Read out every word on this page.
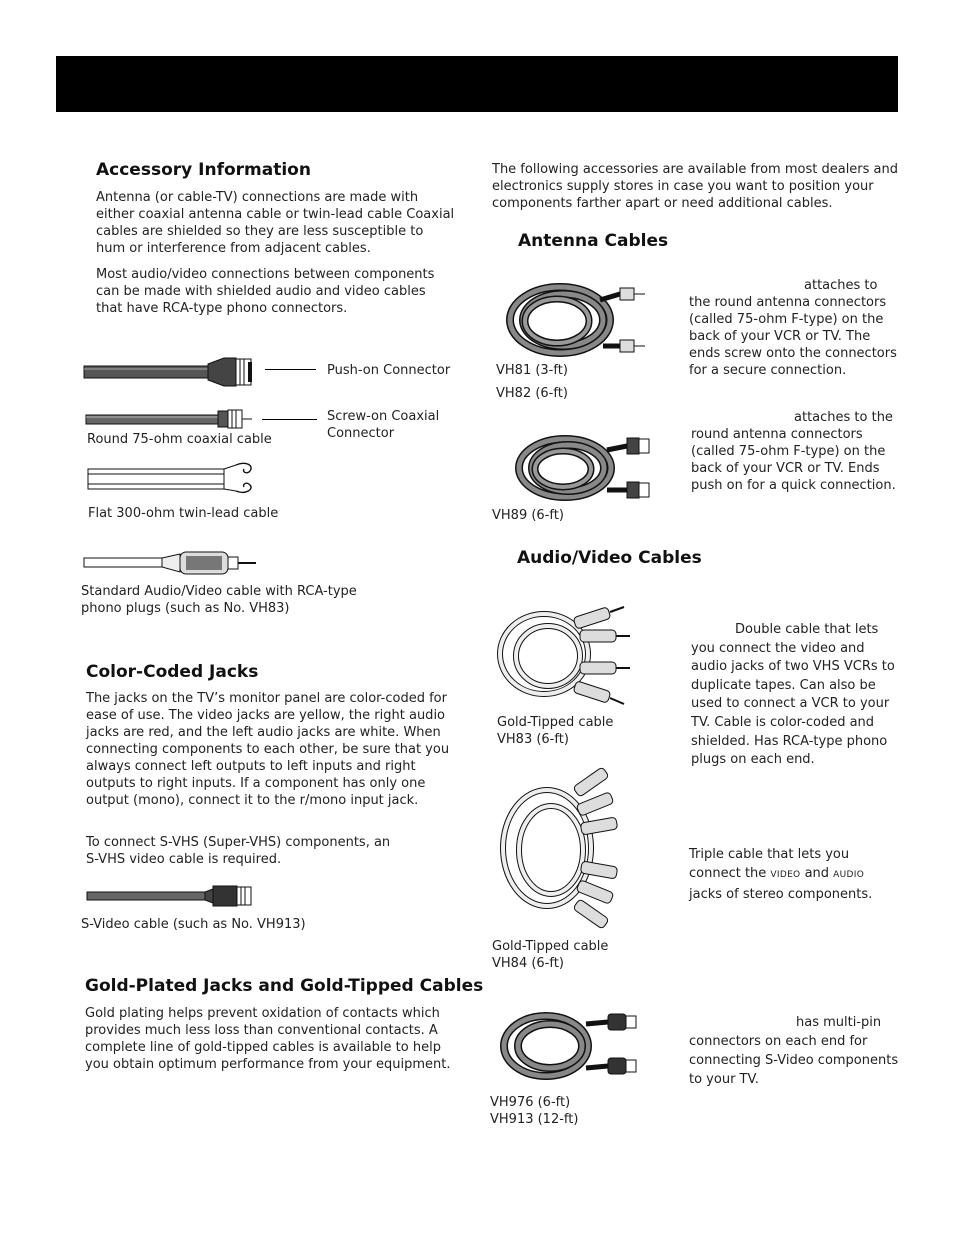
Accessory Information
Antenna (or cable-TV) connections are made with either coaxial antenna cable or twin-lead cable Coaxial cables are shielded so they are less susceptible to hum or interference from adjacent cables.
Most audio/video connections between components can be made with shielded audio and video cables that have RCA-type phono connectors.
Push-on Connector
Screw-on Coaxial Connector
Round 75-ohm coaxial cable
Flat 300-ohm twin-lead cable
Standard Audio/Video cable with RCA-type phono plugs (such as No. VH83)
Color-Coded Jacks
The jacks on the TV’s monitor panel are color-coded for ease of use. The video jacks are yellow, the right audio jacks are red, and the left audio jacks are white. When connecting components to each other, be sure that you always connect left outputs to left inputs and right outputs to right inputs. If a component has only one output (mono), connect it to the r/mono input jack.
To connect S-VHS (Super-VHS) components, an S-VHS video cable is required.
S-Video cable (such as No. VH913)
Gold-Plated Jacks and Gold-Tipped Cables
Gold plating helps prevent oxidation of contacts which provides much less loss than conventional contacts. A complete line of gold-tipped cables is available to help you obtain optimum performance from your equipment.
The following accessories are available from most dealers and electronics supply stores in case you want to position your components farther apart or need additional cables.
Antenna Cables
VH81 (3-ft)
VH82 (6-ft)
attaches to the round antenna connectors (called 75-ohm F-type) on the back of your VCR or TV. The ends screw onto the connectors for a secure connection.
VH89 (6-ft)
attaches to the round antenna connectors (called 75-ohm F-type) on the back of your VCR or TV. Ends push on for a quick connection.
Audio/Video Cables
Gold-Tipped cable
VH83 (6-ft)
Double cable that lets you connect the video and audio jacks of two VHS VCRs to duplicate tapes. Can also be used to connect a VCR to your TV. Cable is color-coded and shielded. Has RCA-type phono plugs on each end.
Gold-Tipped cable
VH84 (6-ft)
Triple cable that lets you connect the VIDEO and AUDIO jacks of stereo components.
VH976 (6-ft)
VH913 (12-ft)
has multi-pin connectors on each end for connecting S-Video components to your TV.
